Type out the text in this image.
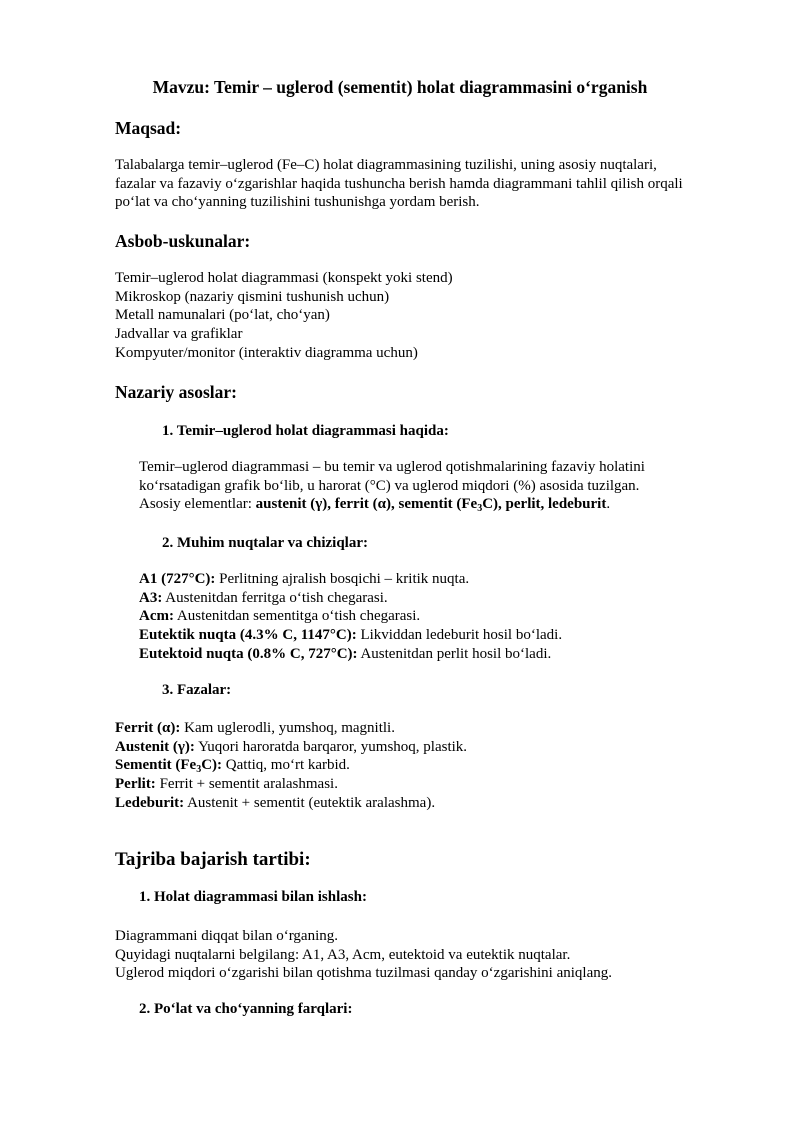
Mavzu: Temir – uglerod (sementit) holat diagrammasini o‘rganish
Maqsad:
Talabalarga temir–uglerod (Fe–C) holat diagrammasining tuzilishi, uning asosiy nuqtalari,
fazalar va fazaviy o‘zgarishlar haqida tushuncha berish hamda diagrammani tahlil qilish orqali
po‘lat va cho‘yanning tuzilishini tushunishga yordam berish.
Asbob-uskunalar:
Temir–uglerod holat diagrammasi (konspekt yoki stend)
Mikroskop (nazariy qismini tushunish uchun)
Metall namunalari (po‘lat, cho‘yan)
Jadvallar va grafiklar
Kompyuter/monitor (interaktiv diagramma uchun)
Nazariy asoslar:
1. Temir–uglerod holat diagrammasi haqida:
Temir–uglerod diagrammasi – bu temir va uglerod qotishmalarining fazaviy holatini
ko‘rsatadigan grafik bo‘lib, u harorat (°C) va uglerod miqdori (%) asosida tuzilgan.
Asosiy elementlar: austenit (γ), ferrit (α), sementit $(Fe_3C)$, perlit, ledeburit.
2. Muhim nuqtalar va chiziqlar:
A1 (727°C): Perlitning ajralish bosqichi – kritik nuqta.
A3: Austenitdan ferritga o‘tish chegarasi.
Acm: Austenitdan sementitga o‘tish chegarasi.
Eutektik nuqta (4.3% C, 1147°C): Likviddan ledeburit hosil bo‘ladi.
Eutektoid nuqta (0.8% C, 727°C): Austenitdan perlit hosil bo‘ladi.
3. Fazalar:
Ferrit (α): Kam uglerodli, yumshoq, magnitli.
Austenit (γ): Yuqori haroratda barqaror, yumshoq, plastik.
Sementit $(Fe_3C)$: Qattiq, mo‘rt karbid.
Perlit: Ferrit + sementit aralashmasi.
Ledeburit: Austenit + sementit (eutektik aralashma).
Tajriba bajarish tartibi:
1. Holat diagrammasi bilan ishlash:
Diagrammani diqqat bilan o‘rganing.
Quyidagi nuqtalarni belgilang: A1, A3, Acm, eutektoid va eutektik nuqtalar.
Uglerod miqdori o‘zgarishi bilan qotishma tuzilmasi qanday o‘zgarishini aniqlang.
2. Po‘lat va cho‘yanning farqlari:
